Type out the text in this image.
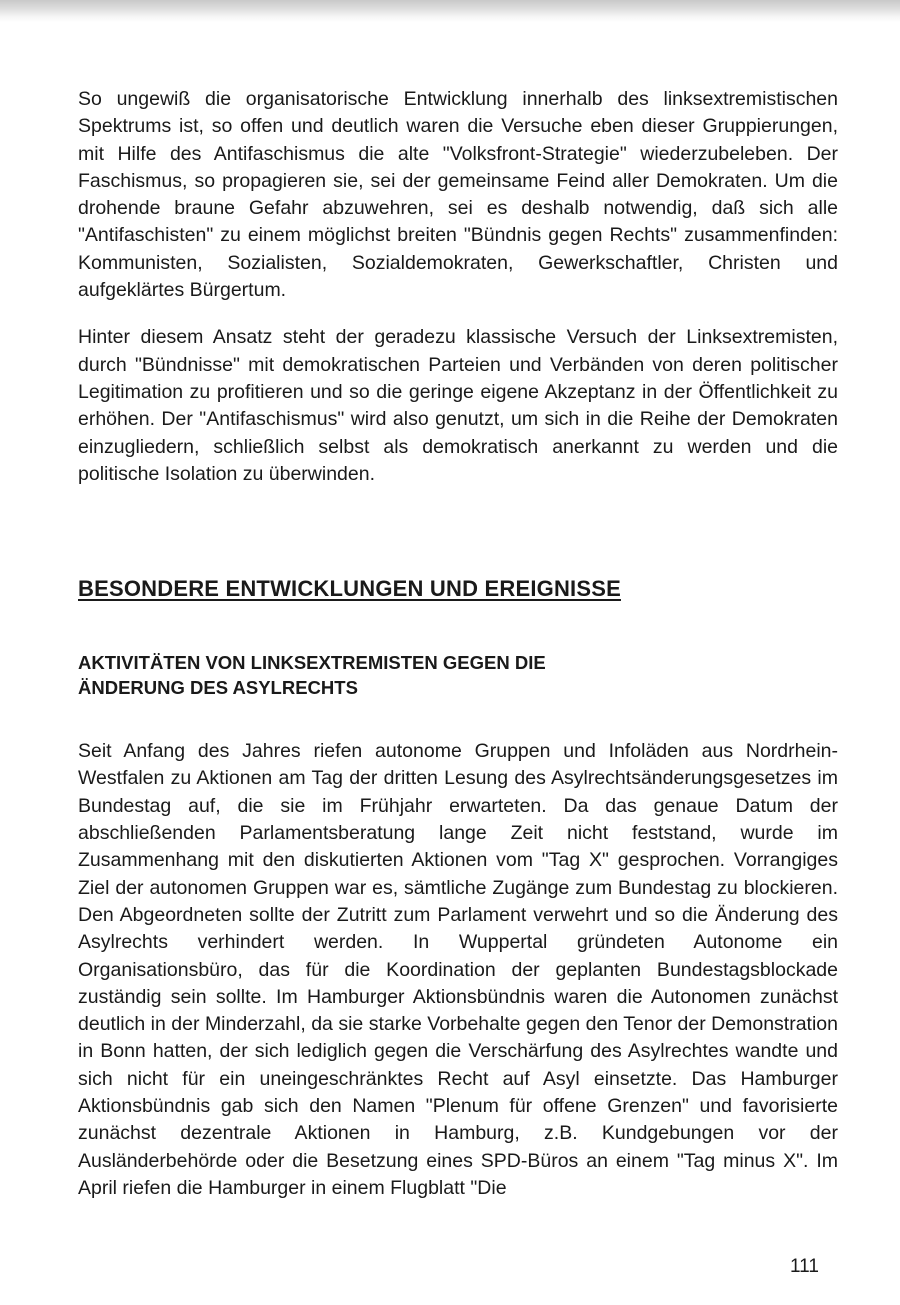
So ungewiß die organisatorische Entwicklung innerhalb des linksextremistischen Spektrums ist, so offen und deutlich waren die Versuche eben dieser Gruppierungen, mit Hilfe des Antifaschismus die alte "Volksfront-Strategie" wiederzubeleben. Der Faschismus, so propagieren sie, sei der gemeinsame Feind aller Demokraten. Um die drohende braune Gefahr abzuwehren, sei es deshalb notwendig, daß sich alle "Antifaschisten" zu einem möglichst breiten "Bündnis gegen Rechts" zusammenfinden: Kommunisten, Sozialisten, Sozialdemokraten, Gewerkschaftler, Christen und aufgeklärtes Bürgertum.

Hinter diesem Ansatz steht der geradezu klassische Versuch der Linksextremisten, durch "Bündnisse" mit demokratischen Parteien und Verbänden von deren politischer Legitimation zu profitieren und so die geringe eigene Akzeptanz in der Öffentlichkeit zu erhöhen. Der "Antifaschismus" wird also genutzt, um sich in die Reihe der Demokraten einzugliedern, schließlich selbst als demokratisch anerkannt zu werden und die politische Isolation zu überwinden.

BESONDERE ENTWICKLUNGEN UND EREIGNISSE
AKTIVITÄTEN VON LINKSEXTREMISTEN GEGEN DIE ÄNDERUNG DES ASYLRECHTS

Seit Anfang des Jahres riefen autonome Gruppen und Infoläden aus Nordrhein-Westfalen zu Aktionen am Tag der dritten Lesung des Asylrechtsänderungsgesetzes im Bundestag auf, die sie im Frühjahr erwarteten. Da das genaue Datum der abschließenden Parlamentsberatung lange Zeit nicht feststand, wurde im Zusammenhang mit den diskutierten Aktionen vom "Tag X" gesprochen. Vorrangiges Ziel der autonomen Gruppen war es, sämtliche Zugänge zum Bundestag zu blockieren. Den Abgeordneten sollte der Zutritt zum Parlament verwehrt und so die Änderung des Asylrechts verhindert werden. In Wuppertal gründeten Autonome ein Organisationsbüro, das für die Koordination der geplanten Bundestagsblockade zuständig sein sollte. Im Hamburger Aktionsbündnis waren die Autonomen zunächst deutlich in der Minderzahl, da sie starke Vorbehalte gegen den Tenor der Demonstration in Bonn hatten, der sich lediglich gegen die Verschärfung des Asylrechtes wandte und sich nicht für ein uneingeschränktes Recht auf Asyl einsetzte. Das Hamburger Aktionsbündnis gab sich den Namen "Plenum für offene Grenzen" und favorisierte zunächst dezentrale Aktionen in Hamburg, z.B. Kundgebungen vor der Ausländerbehörde oder die Besetzung eines SPD-Büros an einem "Tag minus X". Im April riefen die Hamburger in einem Flugblatt "Die

111
